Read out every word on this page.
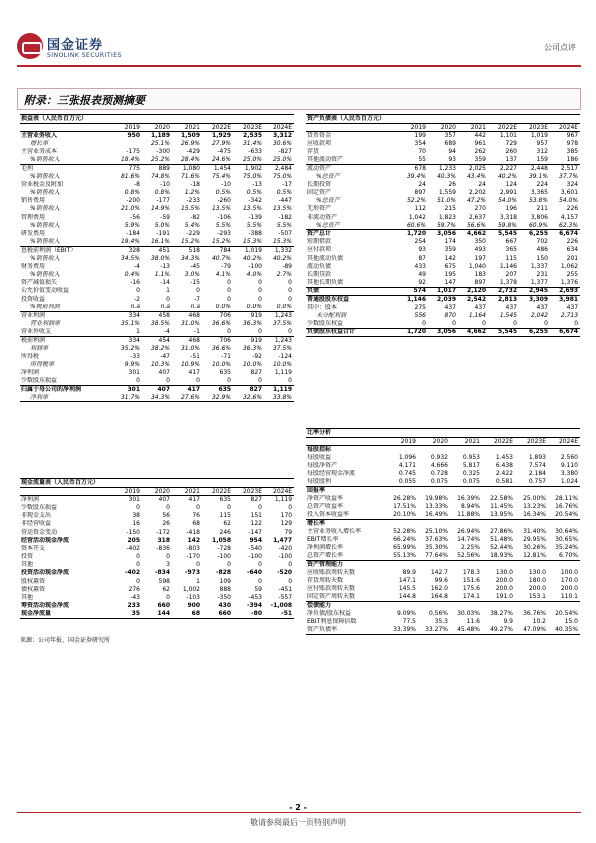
国金证券
SINOLINK SECURITIES
公司点评
附录：三张报表预测摘要
损益表（人民币百万元）						
	2019	2020	2021	2022E	2023E	2024E
主营业务收入	950	1,189	1,509	1,929	2,535	3,312
增长率		25.1%	26.9%	27.9%	31.4%	30.6%
主营业务成本	-175	-300	-429	-475	-633	-827
%销售收入	18.4%	25.2%	28.4%	24.6%	25.0%	25.0%
毛利	775	889	1,080	1,454	1,902	2,484
%销售收入	81.6%	74.8%	71.6%	75.4%	75.0%	75.0%
营业税金及附加	-8	-10	-18	-10	-13	-17
%销售收入	0.8%	0.8%	1.2%	0.5%	0.5%	0.5%
销售费用	-200	-177	-233	-260	-342	-447
%销售收入	21.0%	14.9%	15.5%	13.5%	13.5%	13.5%
管理费用	-56	-59	-82	-106	-139	-182
%销售收入	5.9%	5.0%	5.4%	5.5%	5.5%	5.5%
研发费用	-184	-191	-229	-293	-388	-507
%销售收入	19.4%	16.1%	15.2%	15.2%	15.3%	15.3%
息税前利润（EBIT）	328	451	518	784	1,019	1,332
%销售收入	34.5%	38.0%	34.3%	40.7%	40.2%	40.2%
财务费用	-4	-13	-45	-79	-100	-89
%销售收入	0.4%	1.1%	3.0%	4.1%	4.0%	2.7%
资产减值损失	-16	-14	-15	0	0	0
公允价值变动收益	0	1	0	0	0	0
投资收益	-2	0	-7	0	0	0
%税前利润	n.a	n.a	n.a	0.0%	0.0%	0.0%
营业利润	334	458	468	706	919	1,243
营业利润率	35.1%	38.5%	31.0%	36.6%	36.3%	37.5%
营业外收支	1	-4	-1	0	0	0
税前利润	334	454	468	706	919	1,243
利润率	35.2%	38.2%	31.0%	36.6%	36.3%	37.5%
所得税	-33	-47	-51	-71	-92	-124
所得税率	9.9%	10.3%	10.9%	10.0%	10.0%	10.0%
净利润	301	407	417	635	827	1,119
少数股东损益	0	0	0	0	0	0
归属于母公司的净利润	301	407	417	635	827	1,119
净利率	31.7%	34.3%	27.6%	32.9%	32.6%	33.8%
资产负债表（人民币百万元）						
	2019	2020	2021	2022E	2023E	2024E
货币资金	199	357	442	1,101	1,019	967
应收款项	354	689	961	729	957	978
存货	70	94	262	260	312	385
其他流动资产	55	93	359	137	159	186
流动资产	678	1,233	2,025	2,227	2,448	2,517
%总资产	39.4%	40.3%	43.4%	40.2%	39.1%	37.7%
长期投资	24	26	24	124	224	324
固定资产	897	1,559	2,202	2,991	3,365	3,601
%总资产	52.2%	51.0%	47.2%	54.0%	53.8%	54.0%
无形资产	112	215	270	196	211	226
非流动资产	1,042	1,823	2,637	3,318	3,806	4,157
%总资产	60.6%	59.7%	56.6%	59.8%	60.9%	62.3%
资产总计	1,720	3,056	4,662	5,545	6,255	6,674
短期借款	254	174	350	667	702	226
应付款项	93	359	493	365	486	634
其他流动负债	87	142	197	115	150	201
流动负债	433	675	1,040	1,146	1,337	1,062
长期贷款	49	195	183	207	231	255
其他长期负债	92	147	897	1,378	1,377	1,376
负债	574	1,017	2,120	2,732	2,945	2,693
普通股股东权益	1,146	2,039	2,542	2,813	3,309	3,981
其中：股本	275	437	437	437	437	437
未分配利润	556	870	1,164	1,545	2,042	2,713
少数股东权益	0	0	0	0	0	0
负债股东权益合计	1,720	3,056	4,662	5,545	6,255	6,674
比率分析						
	2019	2020	2021	2022E	2023E	2024E
每股指标						
每股收益	1.096	0.932	0.953	1.453	1.893	2.560
每股净资产	4.171	4.666	5.817	6.438	7.574	9.110
每股经营现金净流	0.745	0.728	0.325	2.422	2.184	3.380
每股股利	0.055	0.075	0.075	0.581	0.757	1.024
回报率						
净资产收益率	26.28%	19.98%	16.39%	22.58%	25.00%	28.11%
总资产收益率	17.51%	13.33%	8.94%	11.45%	13.23%	16.76%
投入资本收益率	20.10%	16.49%	11.88%	13.95%	16.34%	20.54%
增长率						
主营业务收入增长率	52.28%	25.10%	26.94%	27.86%	31.40%	30.64%
EBIT增长率	66.24%	37.63%	14.74%	51.48%	29.95%	30.65%
净利润增长率	65.99%	35.30%	2.25%	52.44%	30.26%	35.24%
总资产增长率	55.13%	77.64%	52.56%	18.93%	12.81%	6.70%
资产管理能力						
应收账款周转天数	89.9	142.7	178.3	130.0	130.0	100.0
存货周转天数	147.1	99.6	151.6	200.0	180.0	170.0
应付账款周转天数	145.5	162.0	175.6	200.0	200.0	200.0
固定资产周转天数	144.8	164.8	174.1	191.0	153.1	110.1
偿债能力						
净负债/股东权益	9.09%	0.56%	30.03%	38.27%	36.76%	20.54%
EBIT利息保障倍数	77.5	35.3	11.6	9.9	10.2	15.0
资产负债率	33.39%	33.27%	45.48%	49.27%	47.09%	40.35%
现金流量表（人民币百万元）						
	2019	2020	2021	2022E	2023E	2024E
净利润	301	407	417	635	827	1,119
少数股东损益	0	0	0	0	0	0
非现金支出	38	56	76	115	151	170
非经营收益	16	26	68	62	122	129
营运资金变动	-150	-172	-418	246	-147	79
经营活动现金净流	205	318	142	1,058	954	1,477
资本开支	-402	-836	-803	-728	-540	-420
投资	0	0	-170	-100	-100	-100
其他	0	3	0	0	0	0
投资活动现金净流	-402	-834	-973	-828	-640	-520
股权募资	0	598	1	109	0	0
债权募资	276	62	1,002	888	59	-451
其他	-43	0	-103	-350	-453	-557
筹资活动现金净流	233	660	900	430	-394	-1,008
现金净流量	35	144	68	660	-80	-51
来源：公司年报、国金证券研究所
- 2 -
敬请参阅最后一页特别声明
